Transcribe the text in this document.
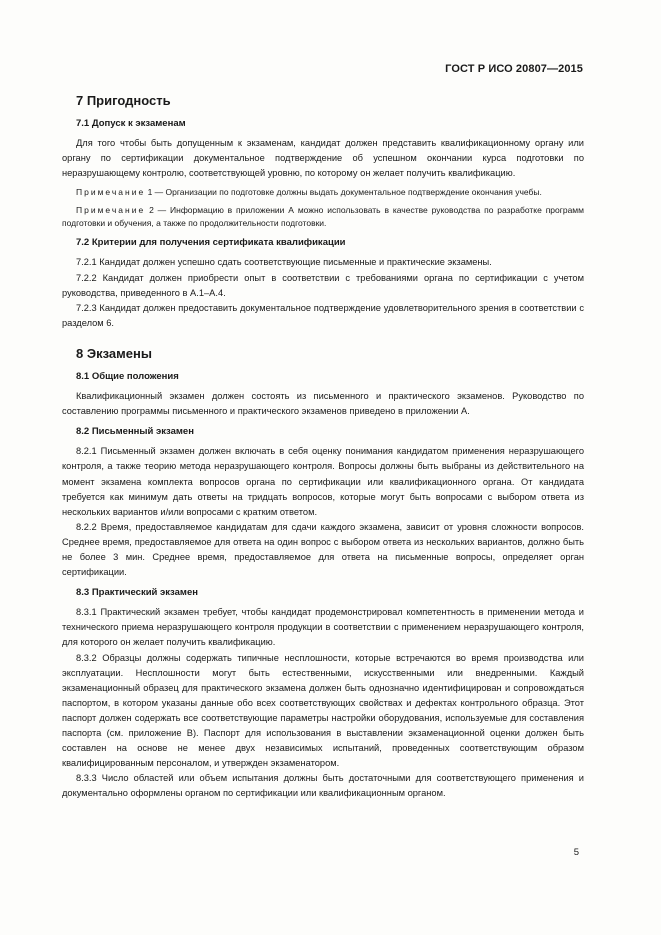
ГОСТ Р ИСО 20807—2015
7 Пригодность
7.1 Допуск к экзаменам

Для того чтобы быть допущенным к экзаменам, кандидат должен представить квалификационному органу или органу по сертификации документальное подтверждение об успешном окончании курса подготовки по неразрушающему контролю, соответствующей уровню, по которому он желает получить квалификацию.

Примечание 1 — Организации по подготовке должны выдать документальное подтверждение окончания учебы.
Примечание 2 — Информацию в приложении А можно использовать в качестве руководства по разработке программ подготовки и обучения, а также по продолжительности подготовки.
7.2 Критерии для получения сертификата квалификации

7.2.1 Кандидат должен успешно сдать соответствующие письменные и практические экзамены.

7.2.2 Кандидат должен приобрести опыт в соответствии с требованиями органа по сертификации с учетом руководства, приведенного в А.1–А.4.

7.2.3 Кандидат должен предоставить документальное подтверждение удовлетворительного зрения в соответствии с разделом 6.

8 Экзамены
8.1 Общие положения

Квалификационный экзамен должен состоять из письменного и практического экзаменов. Руководство по составлению программы письменного и практического экзаменов приведено в приложении А.

8.2 Письменный экзамен

8.2.1 Письменный экзамен должен включать в себя оценку понимания кандидатом применения неразрушающего контроля, а также теорию метода неразрушающего контроля. Вопросы должны быть выбраны из действительного на момент экзамена комплекта вопросов органа по сертификации или квалификационного органа. От кандидата требуется как минимум дать ответы на тридцать вопросов, которые могут быть вопросами с выбором ответа из нескольких вариантов и/или вопросами с кратким ответом.

8.2.2 Время, предоставляемое кандидатам для сдачи каждого экзамена, зависит от уровня сложности вопросов. Среднее время, предоставляемое для ответа на один вопрос с выбором ответа из нескольких вариантов, должно быть не более 3 мин. Среднее время, предоставляемое для ответа на письменные вопросы, определяет орган сертификации.

8.3 Практический экзамен

8.3.1 Практический экзамен требует, чтобы кандидат продемонстрировал компетентность в применении метода и технического приема неразрушающего контроля продукции в соответствии с применением неразрушающего контроля, для которого он желает получить квалификацию.

8.3.2 Образцы должны содержать типичные несплошности, которые встречаются во время производства или эксплуатации. Несплошности могут быть естественными, искусственными или внедренными. Каждый экзаменационный образец для практического экзамена должен быть однозначно идентифицирован и сопровождаться паспортом, в котором указаны данные обо всех соответствующих свойствах и дефектах контрольного образца. Этот паспорт должен содержать все соответствующие параметры настройки оборудования, используемые для составления паспорта (см. приложение В). Паспорт для использования в выставлении экзаменационной оценки должен быть составлен на основе не менее двух независимых испытаний, проведенных соответствующим образом квалифицированным персоналом, и утвержден экзаменатором.

8.3.3 Число областей или объем испытания должны быть достаточными для соответствующего применения и документально оформлены органом по сертификации или квалификационным органом.

5
